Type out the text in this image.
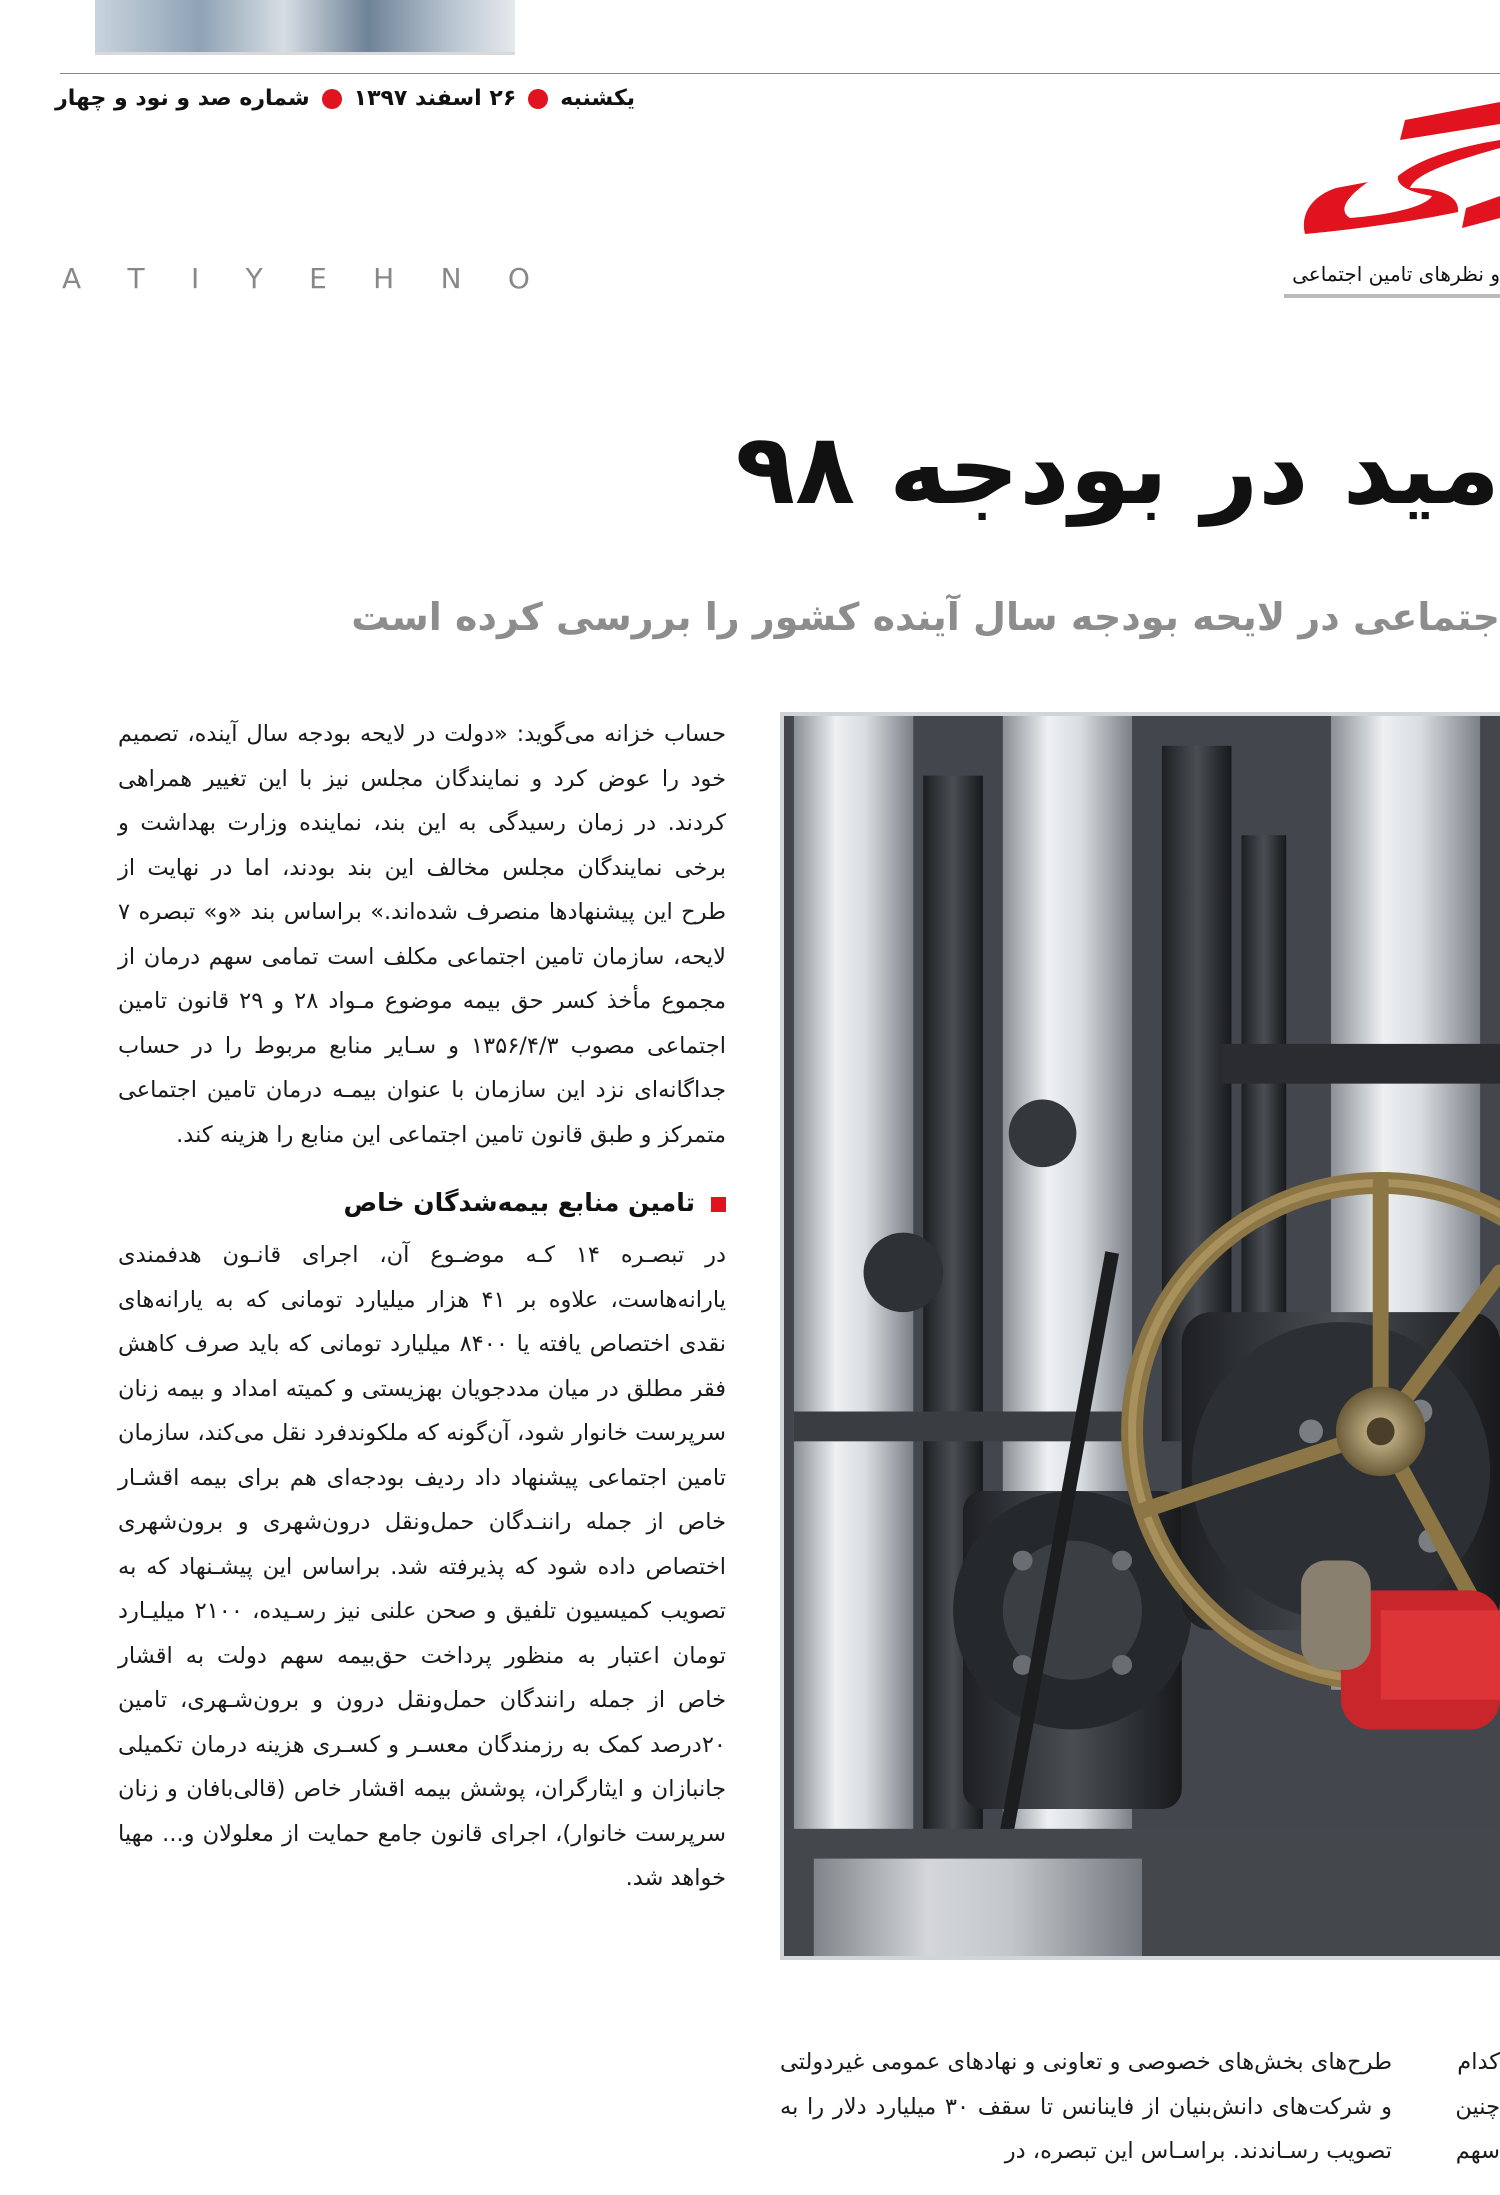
یکشنبه۲۶ اسفند ۱۳۹۷شماره صد و نود و چهار
و نظرهای تامین اجتماعی
A T I Y E H N O
مید در بودجه ۹۸
جتماعی در لایحه بودجه سال آینده کشور را بررسی کرده است

حساب خزانه می‌گوید: «دولت در لایحه بودجه سال آینده، تصمیم خود را عوض کرد و نمایندگان مجلس نیز با این تغییر همراهی کردند. در زمان رسیدگی به این بند، نماینده وزارت بهداشت و برخی نمایندگان مجلس مخالف این بند بودند، اما در نهایت از طرح این پیشنهادها منصرف شده‌اند.» براساس بند «و» تبصره ۷ لایحه، سازمان تامین اجتماعی مکلف است تمامی سهم درمان از مجموع مأخذ کسر حق بیمه موضوع مـواد ۲۸ و ۲۹ قانون تامین اجتماعی مصوب ۱۳۵۶/۴/۳ و سـایر منابع مربوط را در حساب جداگانه‌ای نزد این سازمان با عنوان بیمـه درمان تامین اجتماعی متمرکز و طبق قانون تامین اجتماعی این منابع را هزینه کند.

تامین منابع بیمه‌شدگان خاص

در تبصـره ۱۴ کـه موضـوع آن، اجرای قانـون هدفمندی یارانه‌هاست، علاوه بر ۴۱ هزار میلیارد تومانی که به یارانه‌های نقدی اختصاص یافته یا ۸۴۰۰ میلیارد تومانی که باید صرف کاهش فقر مطلق در میان مددجویان بهزیستی و کمیته امداد و بیمه زنان سرپرست خانوار شود، آن‌گونه که ملکوندفرد نقل می‌کند، سازمان تامین اجتماعی پیشنهاد داد ردیف بودجه‌ای هم برای بیمه اقشـار خاص از جمله راننـدگان حمل‌ونقل درون‌شهری و برون‌شهری اختصاص داده شود که پذیرفته شد. براساس این پیشـنهاد که به تصویب کمیسیون تلفیق و صحن علنی نیز رسـیده، ۲۱۰۰ میلیـارد تومان اعتبار به منظور پرداخت حق‌بیمه سهم دولت به اقشار خاص از جمله رانندگان حمل‌ونقل درون و برون‌شـهری، تامین ۲۰درصد کمک به رزمندگان معسـر و کسـری هزینه درمان تکمیلی جانبازان و ایثارگران، پوشش بیمه اقشار خاص (قالی‌بافان و زنان سرپرست خانوار)، اجرای قانون جامع حمایت از معلولان و... مهیا خواهد شد.

طرح‌های بخش‌های خصوصی و تعاونی و نهادهای عمومی غیردولتی و شرکت‌های دانش‌بنیان از فاینانس تا سقف ۳۰ میلیارد دلار را به تصویب رسـاندند. براسـاس این تبصره، در

کدام

چنین

سهم
